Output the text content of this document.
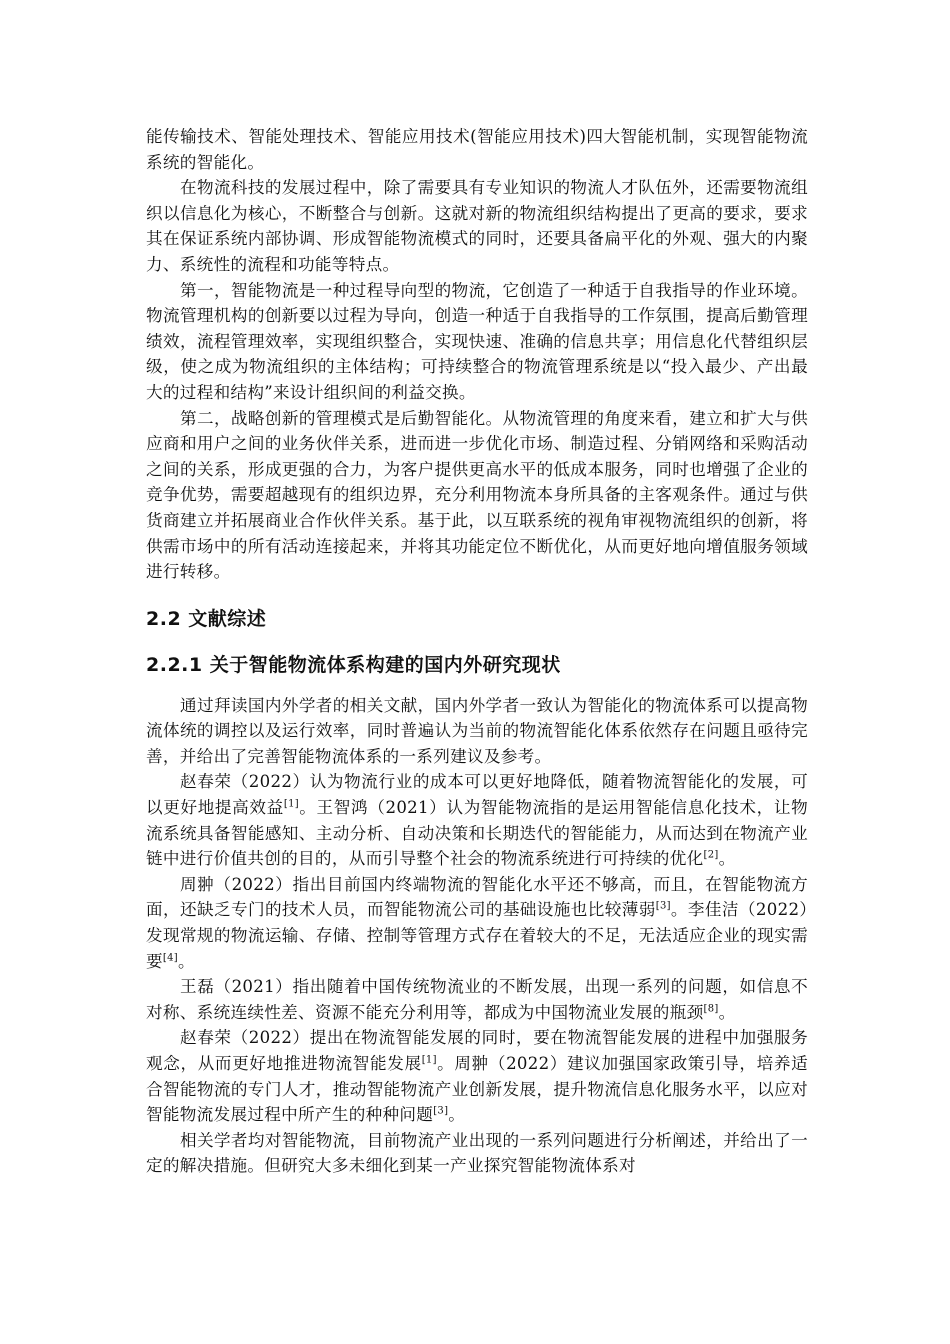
能传输技术、智能处理技术、智能应用技术(智能应用技术)四大智能机制，实现智能物流系统的智能化。

在物流科技的发展过程中，除了需要具有专业知识的物流人才队伍外，还需要物流组织以信息化为核心，不断整合与创新。这就对新的物流组织结构提出了更高的要求，要求其在保证系统内部协调、形成智能物流模式的同时，还要具备扁平化的外观、强大的内聚力、系统性的流程和功能等特点。

第一，智能物流是一种过程导向型的物流，它创造了一种适于自我指导的作业环境。物流管理机构的创新要以过程为导向，创造一种适于自我指导的工作氛围，提高后勤管理绩效，流程管理效率，实现组织整合，实现快速、准确的信息共享；用信息化代替组织层级，使之成为物流组织的主体结构；可持续整合的物流管理系统是以“投入最少、产出最大的过程和结构”来设计组织间的利益交换。

第二，战略创新的管理模式是后勤智能化。从物流管理的角度来看，建立和扩大与供应商和用户之间的业务伙伴关系，进而进一步优化市场、制造过程、分销网络和采购活动之间的关系，形成更强的合力，为客户提供更高水平的低成本服务，同时也增强了企业的竞争优势，需要超越现有的组织边界，充分利用物流本身所具备的主客观条件。通过与供货商建立并拓展商业合作伙伴关系。基于此，以互联系统的视角审视物流组织的创新，将供需市场中的所有活动连接起来，并将其功能定位不断优化，从而更好地向增值服务领域进行转移。

2.2 文献综述
2.2.1 关于智能物流体系构建的国内外研究现状

通过拜读国内外学者的相关文献，国内外学者一致认为智能化的物流体系可以提高物流体统的调控以及运行效率，同时普遍认为当前的物流智能化体系依然存在问题且亟待完善，并给出了完善智能物流体系的一系列建议及参考。

赵春荣（2022）认为物流行业的成本可以更好地降低，随着物流智能化的发展，可以更好地提高效益[1]。王智鸿（2021）认为智能物流指的是运用智能信息化技术，让物流系统具备智能感知、主动分析、自动决策和长期迭代的智能能力，从而达到在物流产业链中进行价值共创的目的，从而引导整个社会的物流系统进行可持续的优化[2]。

周翀（2022）指出目前国内终端物流的智能化水平还不够高，而且，在智能物流方面，还缺乏专门的技术人员，而智能物流公司的基础设施也比较薄弱[3]。李佳洁（2022）发现常规的物流运输、存储、控制等管理方式存在着较大的不足，无法适应企业的现实需要[4]。

王磊（2021）指出随着中国传统物流业的不断发展，出现一系列的问题，如信息不对称、系统连续性差、资源不能充分利用等，都成为中国物流业发展的瓶颈[8]。

赵春荣（2022）提出在物流智能发展的同时，要在物流智能发展的进程中加强服务观念，从而更好地推进物流智能发展[1]。周翀（2022）建议加强国家政策引导，培养适合智能物流的专门人才，推动智能物流产业创新发展，提升物流信息化服务水平，以应对智能物流发展过程中所产生的种种问题[3]。

相关学者均对智能物流，目前物流产业出现的一系列问题进行分析阐述，并给出了一定的解决措施。但研究大多未细化到某一产业探究智能物流体系对
